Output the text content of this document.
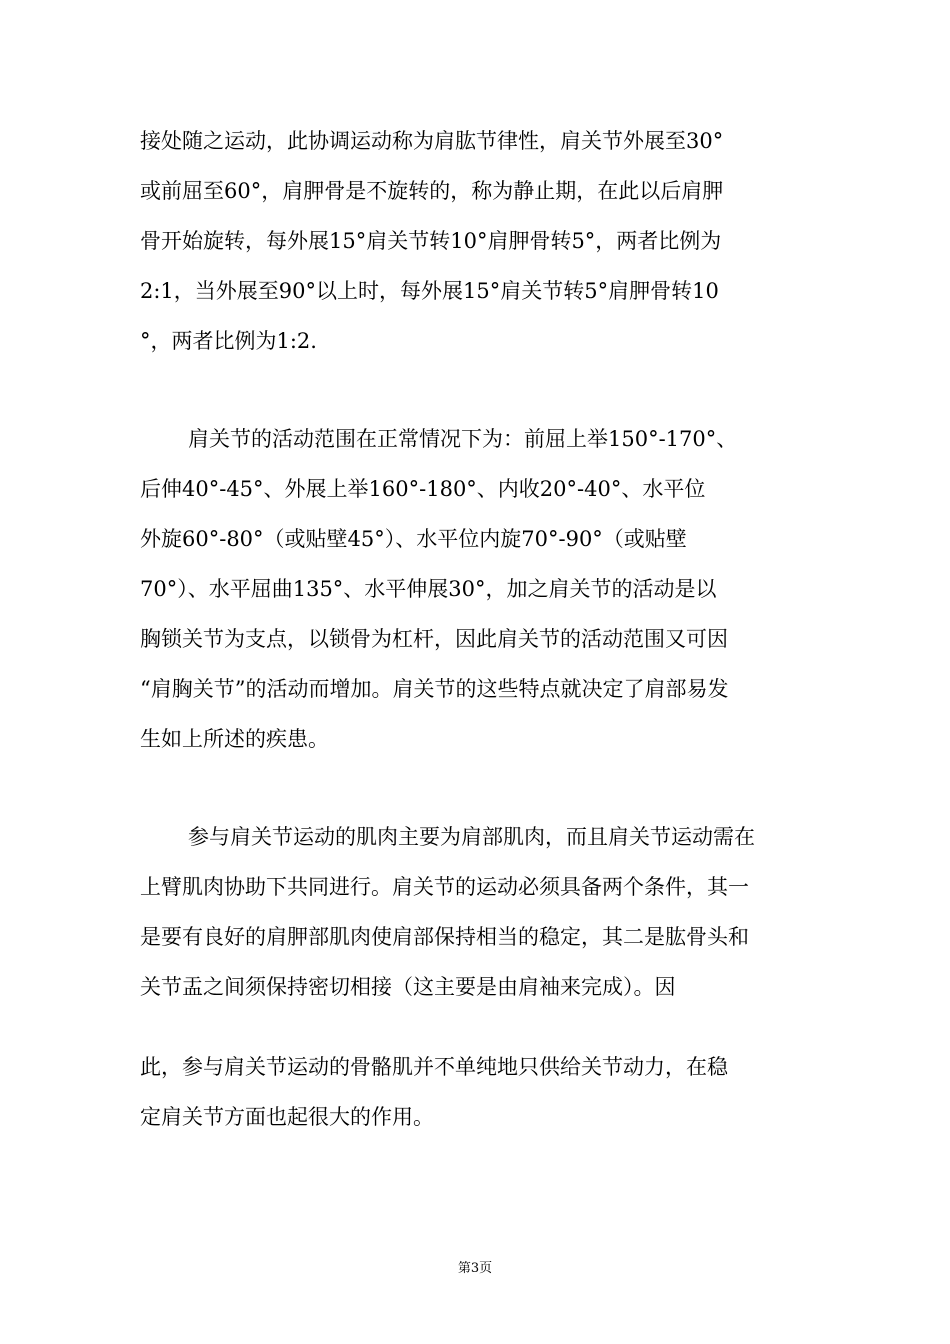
接处随之运动，此协调运动称为肩肱节律性，肩关节外展至30°
或前屈至60°，肩胛骨是不旋转的，称为静止期，在此以后肩胛
骨开始旋转，每外展15°肩关节转10°肩胛骨转5°，两者比例为
2:1，当外展至90°以上时，每外展15°肩关节转5°肩胛骨转10
°，两者比例为1:2.
肩关节的活动范围在正常情况下为：前屈上举150°-170°、
后伸40°-45°、外展上举160°-180°、内收20°-40°、水平位
外旋60°-80°（或贴壁45°）、水平位内旋70°-90°（或贴壁
70°）、水平屈曲135°、水平伸展30°，加之肩关节的活动是以
胸锁关节为支点，以锁骨为杠杆，因此肩关节的活动范围又可因
“肩胸关节”的活动而增加。肩关节的这些特点就决定了肩部易发
生如上所述的疾患。
参与肩关节运动的肌肉主要为肩部肌肉，而且肩关节运动需在
上臂肌肉协助下共同进行。肩关节的运动必须具备两个条件，其一
是要有良好的肩胛部肌肉使肩部保持相当的稳定，其二是肱骨头和
关节盂之间须保持密切相接（这主要是由肩袖来完成）。因
此，参与肩关节运动的骨骼肌并不单纯地只供给关节动力，在稳
定肩关节方面也起很大的作用。
第3页
